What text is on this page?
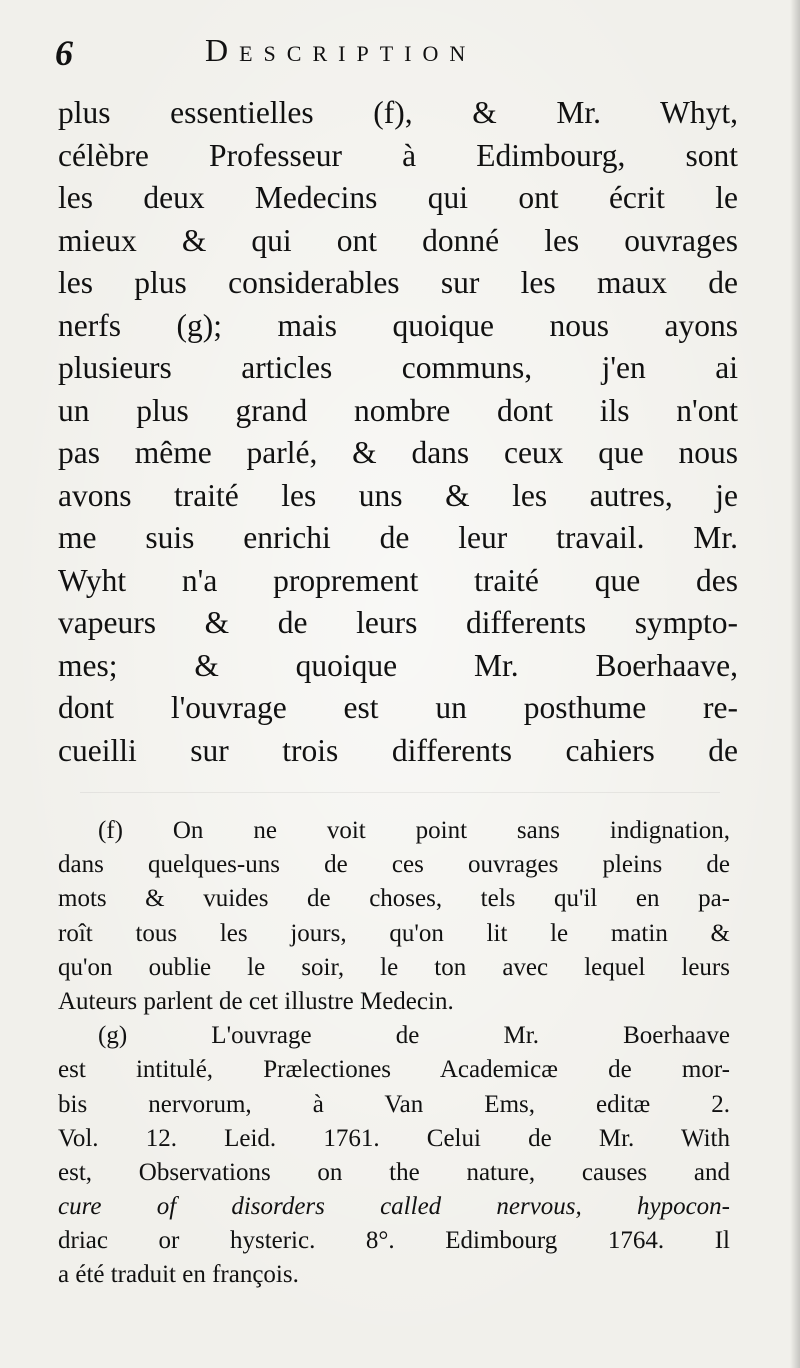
6	Description
plus essentielles (f), & Mr. Whyt,
célèbre Professeur à Edimbourg, sont
les deux Medecins qui ont écrit le
mieux & qui ont donné les ouvrages
les plus considerables sur les maux de
nerfs (g); mais quoique nous ayons
plusieurs articles communs, j'en ai
un plus grand nombre dont ils n'ont
pas même parlé, & dans ceux que nous
avons traité les uns & les autres, je
me suis enrichi de leur travail. Mr.
Wyht n'a proprement traité que des
vapeurs & de leurs differents sympto-
mes; & quoique Mr. Boerhaave,
dont l'ouvrage est un posthume re-
cueilli sur trois differents cahiers de
(f) On ne voit point sans indignation,
dans quelques-uns de ces ouvrages pleins de
mots & vuides de choses, tels qu'il en pa-
roît tous les jours, qu'on lit le matin &
qu'on oublie le soir, le ton avec lequel leurs
Auteurs parlent de cet illustre Medecin.
(g) L'ouvrage de Mr. Boerhaave
est intitulé, Prælectiones Academicæ de mor-
bis nervorum, à Van Ems, editæ 2.
Vol. 12. Leid. 1761. Celui de Mr. With
est, Observations on the nature, causes and
cure of disorders called nervous, hypocon-
driac or hysteric. 8°. Edimbourg 1764. Il
a été traduit en françois.
